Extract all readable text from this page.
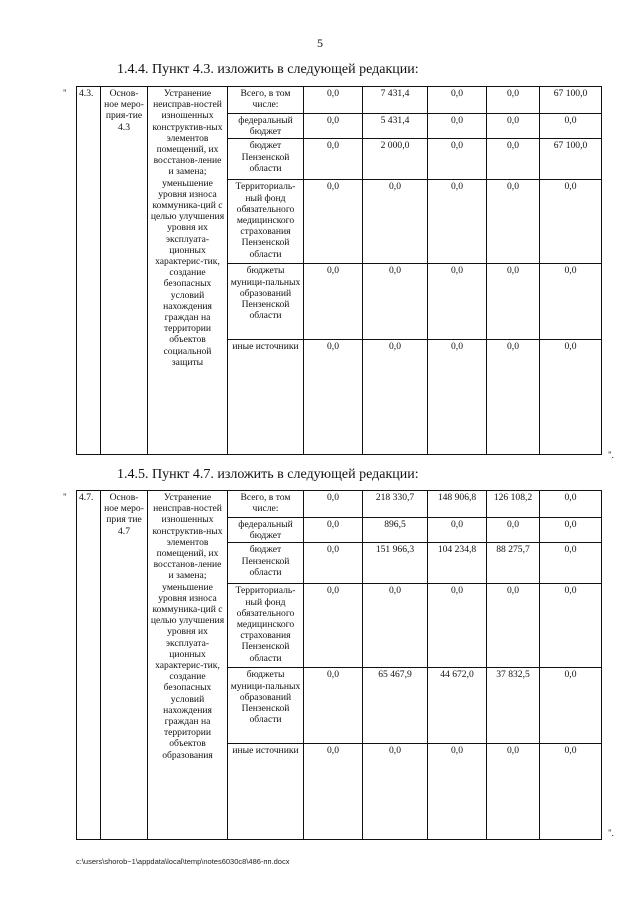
5
1.4.4. Пункт 4.3. изложить в следующей редакции:
" 4.3.	Основ-ное меро-прия-тие 4.3	Устранение неисправ-ностей изношенных конструктив-ных элементов помещений, их восстанов-ление и замена; уменьшение уровня износа коммуника-ций с целью улучшения уровня их эксплуата-ционных характерис-тик, создание безопасных условий нахождения граждан на территории объектов социальной защиты	Всего, в том числе:	0,0	7 431,4	0,0	0,0	67 100,0
			федеральный бюджет	0,0	5 431,4	0,0	0,0	0,0
			бюджет Пензенской области	0,0	2 000,0	0,0	0,0	67 100,0
			Территориаль-ный фонд обязательного медицинского страхования Пензенской области	0,0	0,0	0,0	0,0	0,0
			бюджеты муници-пальных образований Пензенской области	0,0	0,0	0,0	0,0	0,0
			иные источники	0,0	0,0	0,0	0,0	0,0
".
1.4.5. Пункт 4.7. изложить в следующей редакции:
" 4.7.	Основ-ное меро-прия тие 4.7	Устранение неисправ-ностей изношенных конструктив-ных элементов помещений, их восстанов-ление и замена; уменьшение уровня износа коммуника-ций с целью улучшения уровня их эксплуата-ционных характерис-тик, создание безопасных условий нахождения граждан на территории объектов образования	Всего, в том числе:	0,0	218 330,7	148 906,8	126 108,2	0,0
			федеральный бюджет	0,0	896,5	0,0	0,0	0,0
			бюджет Пензенской области	0,0	151 966,3	104 234,8	88 275,7	0,0
			Территориаль-ный фонд обязательного медицинского страхования Пензенской области	0,0	0,0	0,0	0,0	0,0
			бюджеты муници-пальных образований Пензенской области	0,0	65 467,9	44 672,0	37 832,5	0,0
			иные источники	0,0	0,0	0,0	0,0	0,0
".
c:\users\shorob~1\appdata\local\temp\notes6030c8\486-пп.docx
